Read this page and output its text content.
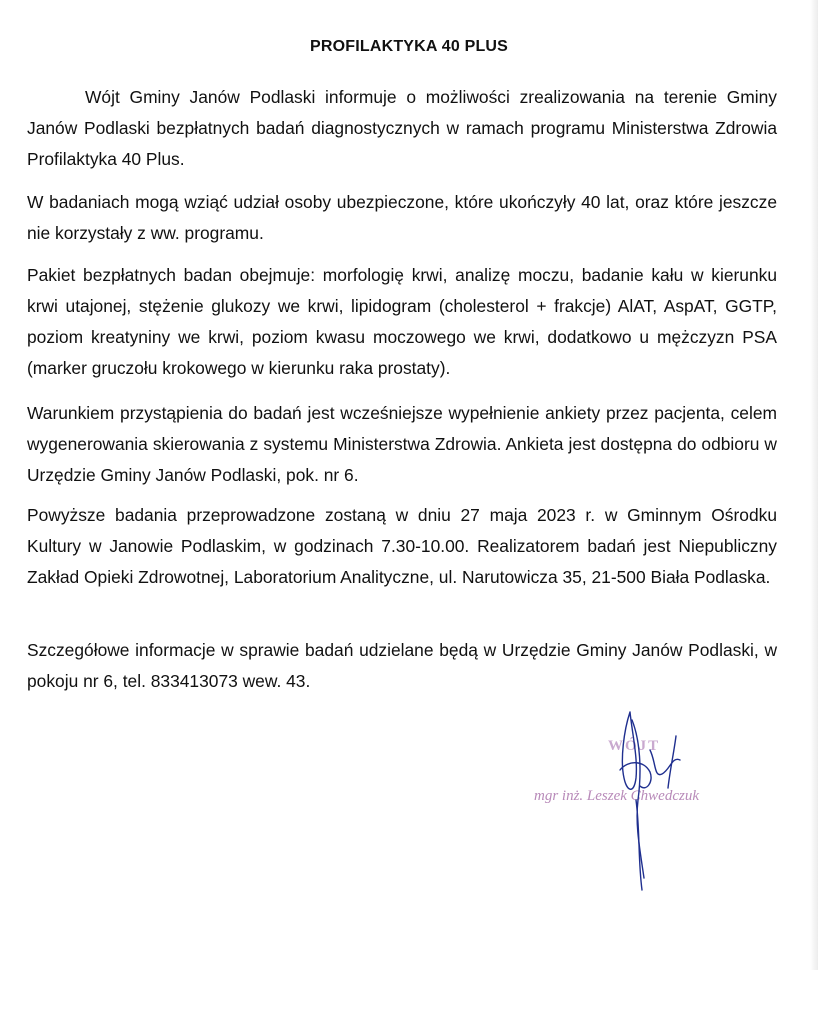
PROFILAKTYKA 40 PLUS

Wójt Gminy Janów Podlaski informuje o możliwości zrealizowania na terenie Gminy Janów Podlaski bezpłatnych badań diagnostycznych w ramach programu Ministerstwa Zdrowia Profilaktyka 40 Plus.

W badaniach mogą wziąć udział osoby ubezpieczone, które ukończyły 40 lat, oraz które jeszcze nie korzystały z ww. programu.

Pakiet bezpłatnych badan obejmuje: morfologię krwi, analizę moczu, badanie kału w kierunku krwi utajonej, stężenie glukozy we krwi, lipidogram (cholesterol + frakcje) AlAT, AspAT, GGTP, poziom kreatyniny we krwi, poziom kwasu moczowego we krwi, dodatkowo u mężczyzn PSA (marker gruczołu krokowego w kierunku raka prostaty).

Warunkiem przystąpienia do badań jest wcześniejsze wypełnienie ankiety przez pacjenta, celem wygenerowania skierowania z systemu Ministerstwa Zdrowia. Ankieta jest dostępna do odbioru w Urzędzie Gminy Janów Podlaski, pok. nr 6.

Powyższe badania przeprowadzone zostaną w dniu 27 maja 2023 r. w Gminnym Ośrodku Kultury w Janowie Podlaskim, w godzinach 7.30-10.00. Realizatorem badań jest Niepubliczny Zakład Opieki Zdrowotnej, Laboratorium Analityczne, ul. Narutowicza 35, 21-500 Biała Podlaska.

Szczegółowe informacje w sprawie badań udzielane będą w Urzędzie Gminy Janów Podlaski, w pokoju nr 6, tel. 833413073 wew. 43.

WÓJT
mgr inż. Leszek Chwedczuk
